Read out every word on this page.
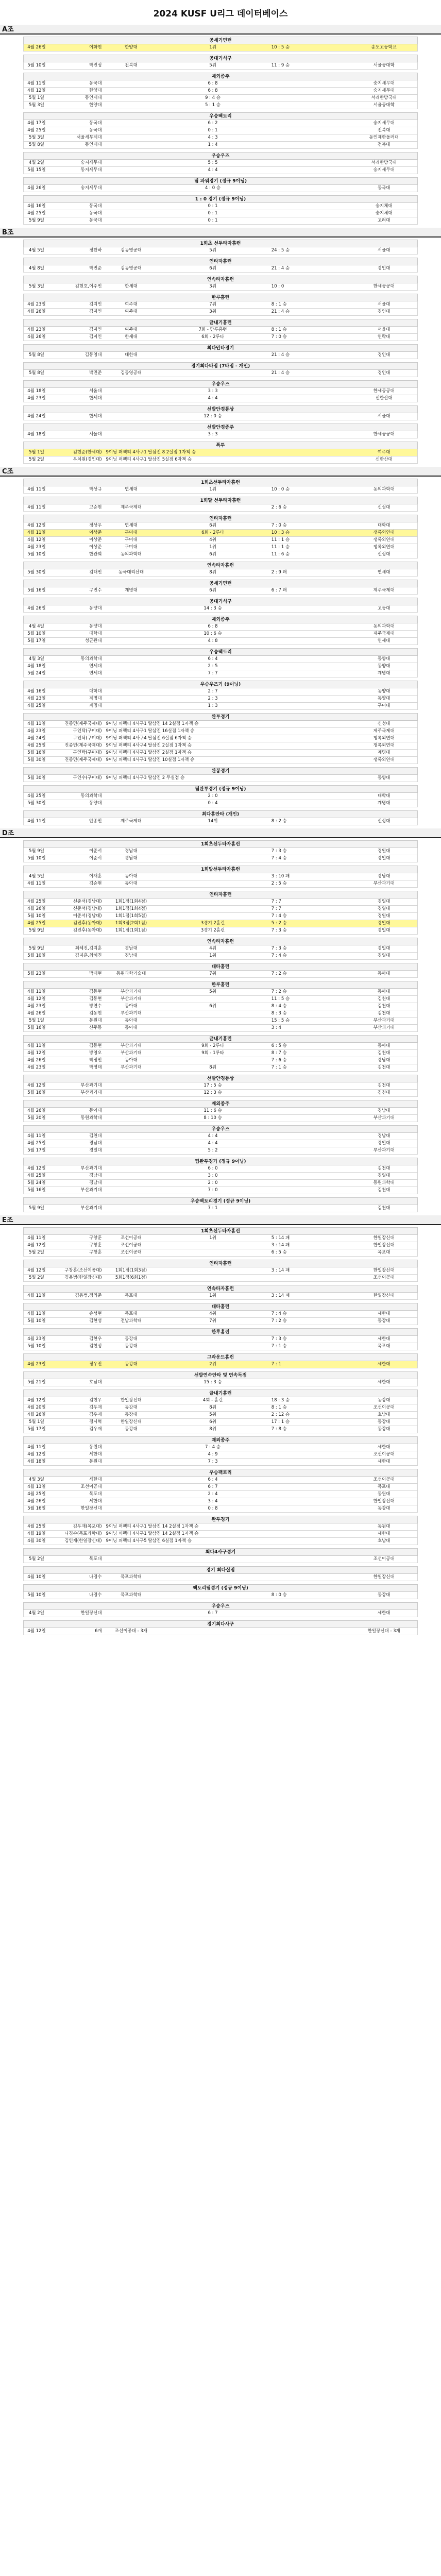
2024 KUSF U리그 데이터베이스
A조
공세기민턴
4월 26일	이화현	한양대	1위	10 : 5 승	송도고등학교
공대기식구
5월 10일	박진성	전북대	5위	11 : 9 승	서울공대학
재외종주
4월 11일	동국대	6 : 8	숭지세무대
4월 12일	한양대	6 : 8	숭지세무대
5월 1일	동인제대	9 : 4 승	서래한방국대
5월 3일	한양대	5 : 1 승	서울공대학
우승팩토리
4월 17일	동국대	6 : 2	숭지세무대
4월 25일	동국대	0 : 1	전북대
5월 3일	서울세무제대	4 : 3	동인제한돌러대
5월 8일	동인제대	1 : 4	전북대
우승우즈
4월 2일	숭지세무대	5 : 5	서래한방국대
5월 15일	동지세무대	4 : 4	숭지세무대
팀 파워경기 (정규 9이닝)
4월 26일	숭지세무대	4 : 0 승	동국대
1 : 0 경기 (정규 9이닝)
4월 16일	동국대	0 : 1	숭지체대
4월 25일	동국대	0 : 1	숭지체대
5월 9일	동국대	0 : 1	고려대
B조
1회초 선두타자홈런
4월 5일	정찬하	김동영공대	5위	24 : 5 승	서울대
연타자홈런
4월 8일	박민준	김동영공대	6위	21 : 4 승	경인대
연속타자홈런
5월 3일	김현호,이주민	한세대	3위	10 : 0	한세공공대
한루홈런
4월 23일	김지인	여주대	7위	8 : 1 승	서울대
4월 26일	김지인	여주대	3위	21 : 4 승	경인대
끝내기홈런
4월 23일	김지인	여주대	7회 - 만루홈런	8 : 1 승	서울대
4월 26일	김지인	한세대	6회 - 2루타	7 : 0 승	연락대
최다안타경기
5월 8일	김동영대	대한대	21 : 4 승	경인대
경기최다타점 (7타점 - 개인)
5월 8일	박민준	김동영공대	21 : 4 승	경인대
우승우즈
4월 18일	서울대	3 : 3	한세공공대
4월 23일	한세대	4 : 4	신한산대
선발안경통상
4월 24일	한세대	12 : 0 승	서울대
선발안경종주
4월 18일	서울대	3 : 3	한세공공대
폭투
5월 1일	김현준(한세대) 9이닝 퍼펙티 4사구1 탈삼진 8 2실점 1자책 승	여주대
5월 2일	우치원(경인대) 9이닝 퍼펙티 4사구1 탈삼진 5실점 6자책 승	신한산대
C조
1회초선두타자홈런
4월 11일	박상규	연세대	1위	10 : 0 승	동의과학대
1회말 선두타자홈런
4월 11일	고승현	제주국제대	2 : 6 승	신성대
연타자홈런
4월 12일	정상우	연세대	6위	7 : 0 승	대학대
4월 11일	이상준	구미대	6회 - 2루타	10 : 3 승	쟁록외연대
4월 12일	이상준	구미대	4위	11 : 1 승	쟁록외연대
4월 23일	이상준	구미대	1위	11 : 1 승	쟁록외연대
5월 10일	한관희	동의과학대	6위	11 : 6 승	신성대
연속타자홈런
5월 30일	김태민	동국대리산대	8위	2 : 9 패	연세대
공세기민턴
5월 16일	구민수	계명대	6위	6 : 7 패	제주국제대
공대기식구
4월 26일	동양대	14 : 3 승	고등대
재외종주
4월 4일	동양대	6 : 8	동의과학대
5월 10일	대학대	10 : 6 승	제주국제대
5월 17일	성균관대	4 : 8	연세대
우승팩토리
4월 3일	동의과학대	6 : 4	동양대
4월 18일	연세대	2 : 5	동양대
5월 24일	연세대	7 : 7	계명대
우승우즈기 (9이닝)
4월 16일	대학대	2 : 7	동양대
4월 23일	계명대	2 : 3	동양대
4월 25일	계명대	1 : 3	구미대
완투경기
4월 11일	진종민(제주국제대) 9이닝 퍼펙티 4사구1 탈삼진 14 2실점 1자책 승	신성대
4월 23일	구인탁(구미대) 9이닝 퍼펙티 4사구1 탈삼진 16실점 1자책 승	제주국제대
4월 24일	구인탁(구미대) 9이닝 퍼펙티 4사구4 탈삼진 6실점 6자책 승	쟁록외연대
4월 25일	진종민(제주국제대) 9이닝 퍼펙티 4사구4 탈삼진 2실점 1자책 승	쟁록외연대
5월 16일	구인탁(구미대) 9이닝 퍼펙티 4사구1 탈삼진 2실점 1자책 승	계명대
5월 30일	진종민(제주국제대) 9이닝 퍼펙티 4사구1 탈삼진 10실점 1자책 승	쟁록외연대
완봉경기
5월 30일	구인수(구미대) 9이닝 퍼펙티 4사구3 탈삼진 2 무실점 승	동양대
팀완투경기 (정규 9이닝)
4월 25일	동의과학대	2 : 0	대학대
5월 30일	동양대	0 : 4	계명대
최다홈안타 (개인)
4월 11일	안종민	제주국제대	14위	8 : 2 승	신성대
D조
1회초선두타자홈런
5월 9일	이준서	경남대	7 : 3 승	경일대
5월 10일	이준서	경남대	7 : 4 승	경일대
1회말선두타자홈런
4월 5일	이재훈	동아대	3 : 10 패	경남대
4월 11일	김승현	동아대	2 : 5 승	부산과기대
연타자홈런
4월 25일	신준서(경남대)	1회1점(1회4점)	7 : 7	경일대
4월 26일	신준서(경남대)	1회1점(1회4점)	7 : 7	경일대
5월 10일	이준서(경남대)	1회1점(1회5점)	7 : 4 승	경일대
4월 25일	김진후(동아대)	1회3점(2회1점)	3경기 2홈런	5 : 2 승	경일대
5월 9일	김진후(동아대)	1회1점(1회1점)	3경기 2홈런	7 : 3 승	경일대
연속타자홈런
5월 9일	최혜진,김지훈	경남대	4위	7 : 3 승	경일대
5월 10일	김지훈,최혜진	경남대	1위	7 : 4 승	경일대
대타홈런
5월 23일	박재현	동원과학기술대	7위	7 : 2 승	동아대
한루홈런
4월 11일	김동현	부산과기대	5위	7 : 2 승	동아대
4월 12일	김동현	부산과기대	11 : 5 승	김천대
4월 23일	방연수	동아대	6위	8 : 4 승	김천대
4월 26일	김동현	부산과기대	8 : 3 승	김천대
5월 1일	동원대	동아대	15 : 5 승	부산과기대
5월 16일	신주동	동아대	3 : 4	부산과기대
끝내기홈런
4월 11일	김동현	부산과기대	9회 - 2루타	6 : 5 승	동아대
4월 12일	방영오	부산과기대	9회 - 1루타	8 : 7 승	김천대
4월 26일	박정민	동아대	7 : 6 승	경남대
4월 23일	박영태	부산과기대	8위	7 : 1 승	김천대
선발안경통상
4월 12일	부산과기대	17 : 5 승	김천대
5월 16일	부산과기대	12 : 3 승	김천대
재외종주
4월 26일	동아대	11 : 6 승	경남대
5월 20일	동원과학대	8 : 10 승	부산과기대
우승우즈
4월 11일	김천대	4 : 4	경남대
4월 25일	경남대	4 : 4	경일대
5월 17일	경일대	5 : 2	부산과기대
팀완투경기 (정규 9이닝)
4월 12일	부산과기대	6 : 0	김천대
4월 25일	경남대	3 : 0	경일대
5월 24일	경남대	2 : 0	동원과학대
5월 16일	부산과기대	7 : 0	김천대
우승팩토리경기 (정규 9이닝)
5월 9일	부산과기대	7 : 1	김천대
E조
1회초선두타자홈런
4월 11일	구창훈	조선이공대	1위	5 : 14 패	한일장신대
4월 12일	구창훈	조선이공대	3 : 14 패	한일장신대
5월 2일	구창훈	조선이공대	6 : 5 승	목포대
연타자홈런
4월 12일	구창훈(조선이공대)	1회1점(1회3점)	3 : 14 패	한일장신대
5월 2일	김용범(한일장신대)	5회1점(6회1점)	조선이공대
연속타자홈런
4월 11일	김용범,정의준	목포대	1위	3 : 14 패	한일장신대
대타홈런
4월 11일	송성현	목포대	4위	7 : 4 승	세한대
5월 10일	김현성	전남과학대	7위	7 : 2 승	동강대
한루홈런
4월 23일	김현우	동강대	7 : 3 승	세한대
5월 10일	김현성	동강대	7 : 1 승	목포대
그라운드홈런
4월 23일	정우진	동강대	2위	7 : 1	세한대
선발연속안타 및 연속득점
5월 21일	호남대	15 : 3 승	세한대
끝내기홈런
4월 12일	김현우	한일장신대	4회 - 홈런	18 : 3 승	동강대
4월 20일	김우재	동강대	8위	8 : 1 승	조선이공대
4월 26일	김우재	동강대	5위	2 : 12 승	호남대
5월 1일	정시혁	한일장신대	6위	17 : 1 승	동강대
5월 17일	김우재	동강대	8위	7 : 8 승	동강대
재외종주
4월 11일	동원대	7 : 4 승	세한대
4월 12일	세한대	4 : 9	조선이공대
4월 18일	동원대	7 : 3	세한대
우승팩토리
4월 3일	세한대	6 : 4	조선이공대
4월 13일	조선이공대	6 : 7	목포대
4월 25일	목포대	2 : 4	동원대
4월 26일	세한대	3 : 4	한일장신대
5월 16일	한일장신대	0 : 8	동강대
완투경기
4월 25일	김우재(목포대) 9이닝 퍼펙티 4사구1 탈삼진 14 2실점 1자책 승	동원대
4월 19일	나경수(목포과학대) 9이닝 퍼펙티 4사구1 탈삼진 14 2실점 1자책 승	세한대
4월 30일	김인재(한일장신대) 9이닝 퍼펙티 4사구5 탈삼진 6실점 1자책 승	호남대
최다4사구경기
5월 2일	목포대	조선이공대
경기 최다실점
4월 10일	나경수	목포과학대	한일장신대
팩토리팀경기 (정규 9이닝)
5월 10일	나경수	목포과학대	8 : 0 승	동강대
우승우즈
4월 2일	한일장신대	6 : 7	세한대
경기최다사구
4월 12일	6개	조선이공대 - 3개	한일장신대 - 3개
